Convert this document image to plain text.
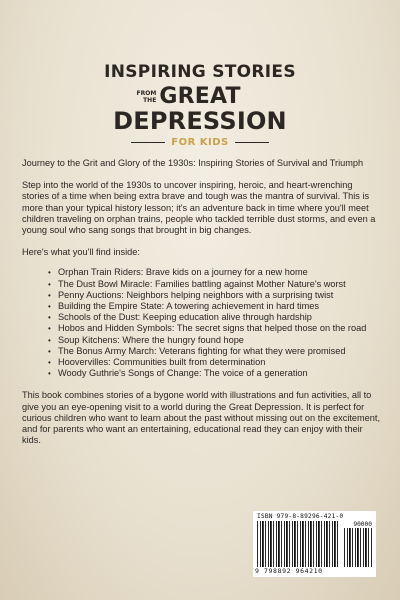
INSPIRING STORIES
FROM
THE GREAT
DEPRESSION
FOR KIDS

Journey to the Grit and Glory of the 1930s: Inspiring Stories of Survival and Triumph

Step into the world of the 1930s to uncover inspiring, heroic, and heart-wrenching stories of a time when being extra brave and tough was the mantra of survival. This is more than your typical history lesson; it's an adventure back in time where you'll meet children traveling on orphan trains, people who tackled terrible dust storms, and even a young soul who sang songs that brought in big changes.

Here's what you'll find inside:

• Orphan Train Riders: Brave kids on a journey for a new home
• The Dust Bowl Miracle: Families battling against Mother Nature's worst
• Penny Auctions: Neighbors helping neighbors with a surprising twist
• Building the Empire State: A towering achievement in hard times
• Schools of the Dust: Keeping education alive through hardship
• Hobos and Hidden Symbols: The secret signs that helped those on the road
• Soup Kitchens: Where the hungry found hope
• The Bonus Army March: Veterans fighting for what they were promised
• Hoovervilles: Communities built from determination
• Woody Guthrie's Songs of Change: The voice of a generation

This book combines stories of a bygone world with illustrations and fun activities, all to give you an eye-opening visit to a world during the Great Depression. It is perfect for curious children who want to learn about the past without missing out on the excitement, and for parents who want an entertaining, educational read they can enjoy with their kids.

ISBN 979-8-89296-421-0
90000
9 798892 964210
